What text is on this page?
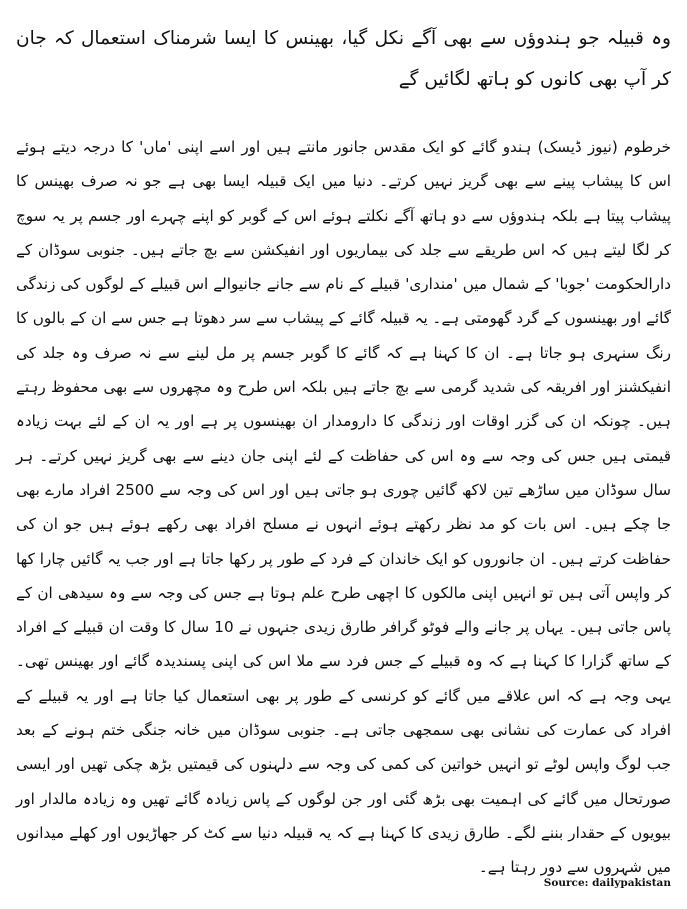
وہ قبیلہ جو ہندوؤں سے بھی آگے نکل گیا، بھینس کا ایسا شرمناک استعمال کہ جان کر آپ بھی کانوں کو ہاتھ لگائیں گے

خرطوم (نیوز ڈیسک) ہندو گائے کو ایک مقدس جانور مانتے ہیں اور اسے اپنی 'ماں' کا درجہ دیتے ہوئے اس کا پیشاب پینے سے بھی گریز نہیں کرتے۔ دنیا میں ایک قبیلہ ایسا بھی ہے جو نہ صرف بھینس کا پیشاب پیتا ہے بلکہ ہندوؤں سے دو ہاتھ آگے نکلتے ہوئے اس کے گوبر کو اپنے چہرے اور جسم پر یہ سوچ کر لگا لیتے ہیں کہ اس طریقے سے جلد کی بیماریوں اور انفیکشن سے بچ جاتے ہیں۔ جنوبی سوڈان کے دارالحکومت 'جوبا' کے شمال میں 'منداری' قبیلے کے نام سے جانے جانیوالے اس قبیلے کے لوگوں کی زندگی گائے اور بھینسوں کے گرد گھومتی ہے۔ یہ قبیلہ گائے کے پیشاب سے سر دھوتا ہے جس سے ان کے بالوں کا رنگ سنہری ہو جاتا ہے۔ ان کا کہنا ہے کہ گائے کا گوبر جسم پر مل لینے سے نہ صرف وہ جلد کی انفیکشنز اور افریقہ کی شدید گرمی سے بچ جاتے ہیں بلکہ اس طرح وہ مچھروں سے بھی محفوظ رہتے ہیں۔ چونکہ ان کی گزر اوقات اور زندگی کا دارومدار ان بھینسوں پر ہے اور یہ ان کے لئے بہت زیادہ قیمتی ہیں جس کی وجہ سے وہ اس کی حفاظت کے لئے اپنی جان دینے سے بھی گریز نہیں کرتے۔ ہر سال سوڈان میں ساڑھے تین لاکھ گائیں چوری ہو جاتی ہیں اور اس کی وجہ سے 2500 افراد مارے بھی جا چکے ہیں۔ اس بات کو مد نظر رکھتے ہوئے انہوں نے مسلح افراد بھی رکھے ہوئے ہیں جو ان کی حفاظت کرتے ہیں۔ ان جانوروں کو ایک خاندان کے فرد کے طور پر رکھا جاتا ہے اور جب یہ گائیں چارا کھا کر واپس آتی ہیں تو انہیں اپنی مالکوں کا اچھی طرح علم ہوتا ہے جس کی وجہ سے وہ سیدھی ان کے پاس جاتی ہیں۔ یہاں پر جانے والے فوٹو گرافر طارق زیدی جنہوں نے 10 سال کا وقت ان قبیلے کے افراد کے ساتھ گزارا کا کہنا ہے کہ وہ قبیلے کے جس فرد سے ملا اس کی اپنی پسندیدہ گائے اور بھینس تھی۔ یہی وجہ ہے کہ اس علاقے میں گائے کو کرنسی کے طور پر بھی استعمال کیا جاتا ہے اور یہ قبیلے کے افراد کی عمارت کی نشانی بھی سمجھی جاتی ہے۔ جنوبی سوڈان میں خانہ جنگی ختم ہونے کے بعد جب لوگ واپس لوٹے تو انہیں خواتین کی کمی کی وجہ سے دلہنوں کی قیمتیں بڑھ چکی تھیں اور ایسی صورتحال میں گائے کی اہمیت بھی بڑھ گئی اور جن لوگوں کے پاس زیادہ گائے تھیں وہ زیادہ مالدار اور بیویوں کے حقدار بننے لگے۔ طارق زیدی کا کہنا ہے کہ یہ قبیلہ دنیا سے کٹ کر جھاڑیوں اور کھلے میدانوں میں شہروں سے دور رہتا ہے۔

Source: dailypakistan
